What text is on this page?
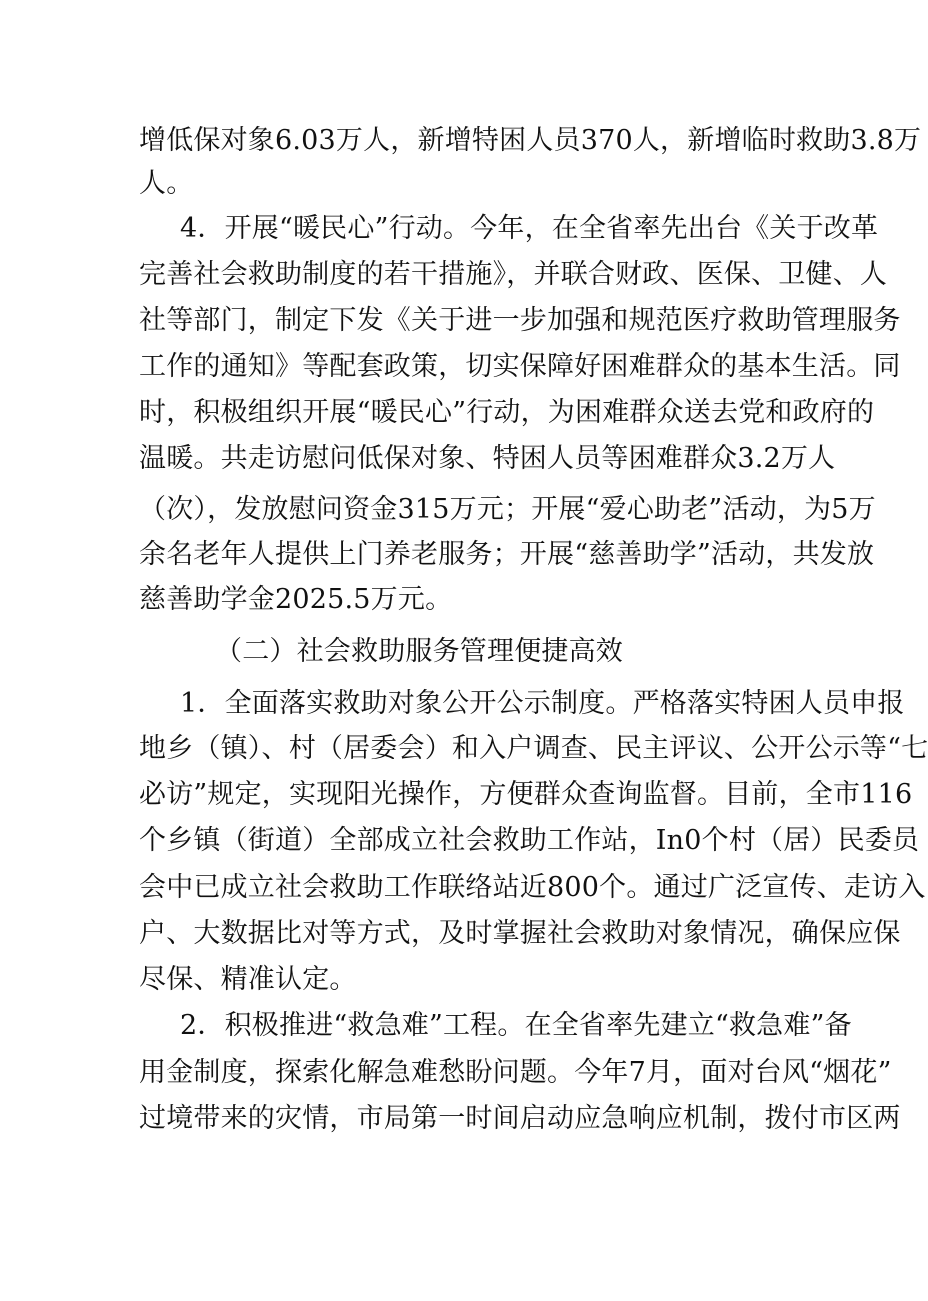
增低保对象6.03万人，新增特困人员370人，新增临时救助3.8万
人。
4．开展“暖民心”行动。今年，在全省率先出台《关于改革
完善社会救助制度的若干措施》，并联合财政、医保、卫健、人
社等部门，制定下发《关于进一步加强和规范医疗救助管理服务
工作的通知》等配套政策，切实保障好困难群众的基本生活。同
时，积极组织开展“暖民心”行动，为困难群众送去党和政府的
温暖。共走访慰问低保对象、特困人员等困难群众3.2万人
（次），发放慰问资金315万元；开展“爱心助老”活动，为5万
余名老年人提供上门养老服务；开展“慈善助学”活动，共发放
慈善助学金2025.5万元。
（二）社会救助服务管理便捷高效
1．全面落实救助对象公开公示制度。严格落实特困人员申报
地乡（镇）、村（居委会）和入户调查、民主评议、公开公示等“七
必访”规定，实现阳光操作，方便群众查询监督。目前，全市116
个乡镇（街道）全部成立社会救助工作站，In0个村（居）民委员
会中已成立社会救助工作联络站近800个。通过广泛宣传、走访入
户、大数据比对等方式，及时掌握社会救助对象情况，确保应保
尽保、精准认定。
2．积极推进“救急难”工程。在全省率先建立“救急难”备
用金制度，探索化解急难愁盼问题。今年7月，面对台风“烟花”
过境带来的灾情，市局第一时间启动应急响应机制，拨付市区两
